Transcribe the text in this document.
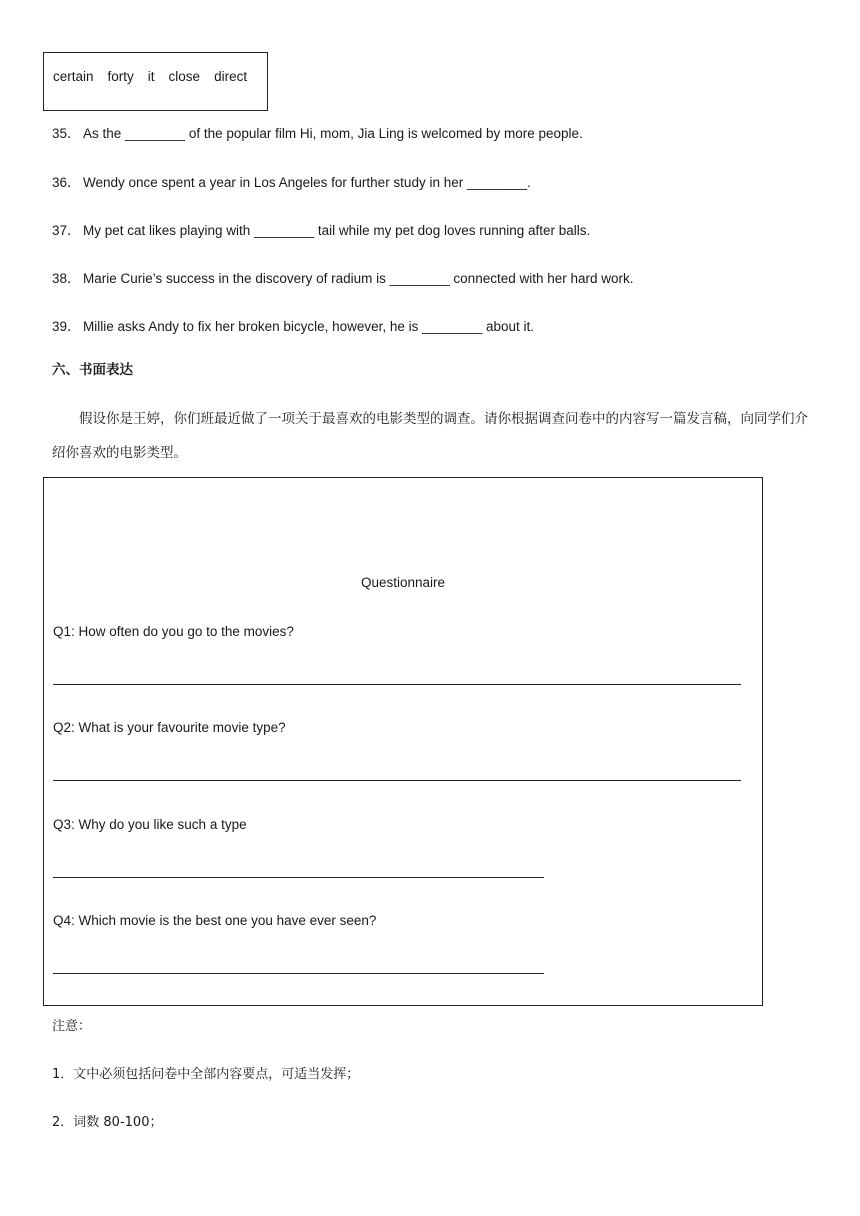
certain forty it close direct
35． As the ________ of the popular film Hi, mom, Jia Ling is welcomed by more people.
36． Wendy once spent a year in Los Angeles for further study in her ________.
37． My pet cat likes playing with ________ tail while my pet dog loves running after balls.
38． Marie Curie’s success in the discovery of radium is ________ connected with her hard work.
39． Millie asks Andy to fix her broken bicycle, however, he is ________ about it.
六、书面表达
假设你是王婷，你们班最近做了一项关于最喜欢的电影类型的调查。请你根据调查问卷中的内容写一篇发言稿，向同学们介绍你喜欢的电影类型。
Questionnaire
Q1: How often do you go to the movies?
Q2: What is your favourite movie type?
Q3: Why do you like such a type
Q4: Which movie is the best one you have ever seen?
注意：
1．文中必须包括问卷中全部内容要点，可适当发挥；
2．词数 80-100；
